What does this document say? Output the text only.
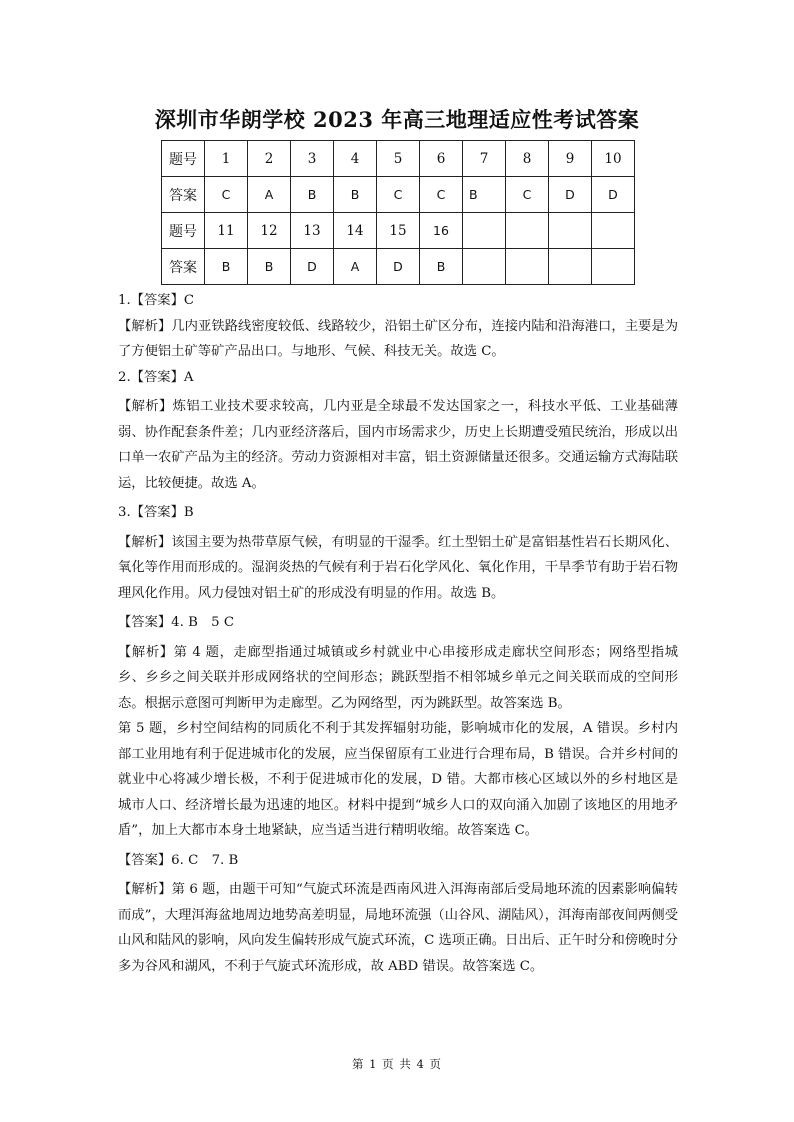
深圳市华朗学校 2023 年高三地理适应性考试答案
题号	1	2	3	4	5	6	7	8	9	10
答案	C	A	B	B	C	C	B	C	D	D
题号	11	12	13	14	15	16				
答案	B	B	D	A	D	B				

1.【答案】C

【解析】几内亚铁路线密度较低、线路较少，沿铝土矿区分布，连接内陆和沿海港口，主要是为了方便铝土矿等矿产品出口。与地形、气候、科技无关。故选 C。

2.【答案】A

【解析】炼铝工业技术要求较高，几内亚是全球最不发达国家之一，科技水平低、工业基础薄弱、协作配套条件差；几内亚经济落后，国内市场需求少，历史上长期遭受殖民统治，形成以出口单一农矿产品为主的经济。劳动力资源相对丰富，铝土资源储量还很多。交通运输方式海陆联运，比较便捷。故选 A。

3.【答案】B

【解析】该国主要为热带草原气候，有明显的干湿季。红土型铝土矿是富铝基性岩石长期风化、氧化等作用而形成的。湿润炎热的气候有利于岩石化学风化、氧化作用，干旱季节有助于岩石物理风化作用。风力侵蚀对铝土矿的形成没有明显的作用。故选 B。

【答案】4. B　5 C

【解析】第 4 题，走廊型指通过城镇或乡村就业中心串接形成走廊状空间形态；网络型指城乡、乡乡之间关联并形成网络状的空间形态；跳跃型指不相邻城乡单元之间关联而成的空间形态。根据示意图可判断甲为走廊型。乙为网络型，丙为跳跃型。故答案选 B。

第 5 题，乡村空间结构的同质化不利于其发挥辐射功能，影响城市化的发展，A 错误。乡村内部工业用地有利于促进城市化的发展，应当保留原有工业进行合理布局，B 错误。合并乡村间的就业中心将减少增长极，不利于促进城市化的发展，D 错。大都市核心区域以外的乡村地区是城市人口、经济增长最为迅速的地区。材料中提到“城乡人口的双向涌入加剧了该地区的用地矛盾”，加上大都市本身土地紧缺，应当适当进行精明收缩。故答案选 C。

【答案】6. C　7. B

【解析】第 6 题，由题干可知“气旋式环流是西南风进入洱海南部后受局地环流的因素影响偏转而成”，大理洱海盆地周边地势高差明显，局地环流强（山谷风、湖陆风），洱海南部夜间两侧受山风和陆风的影响，风向发生偏转形成气旋式环流，C 选项正确。日出后、正午时分和傍晚时分多为谷风和湖风，不利于气旋式环流形成，故 ABD 错误。故答案选 C。

第 1 页 共 4 页
